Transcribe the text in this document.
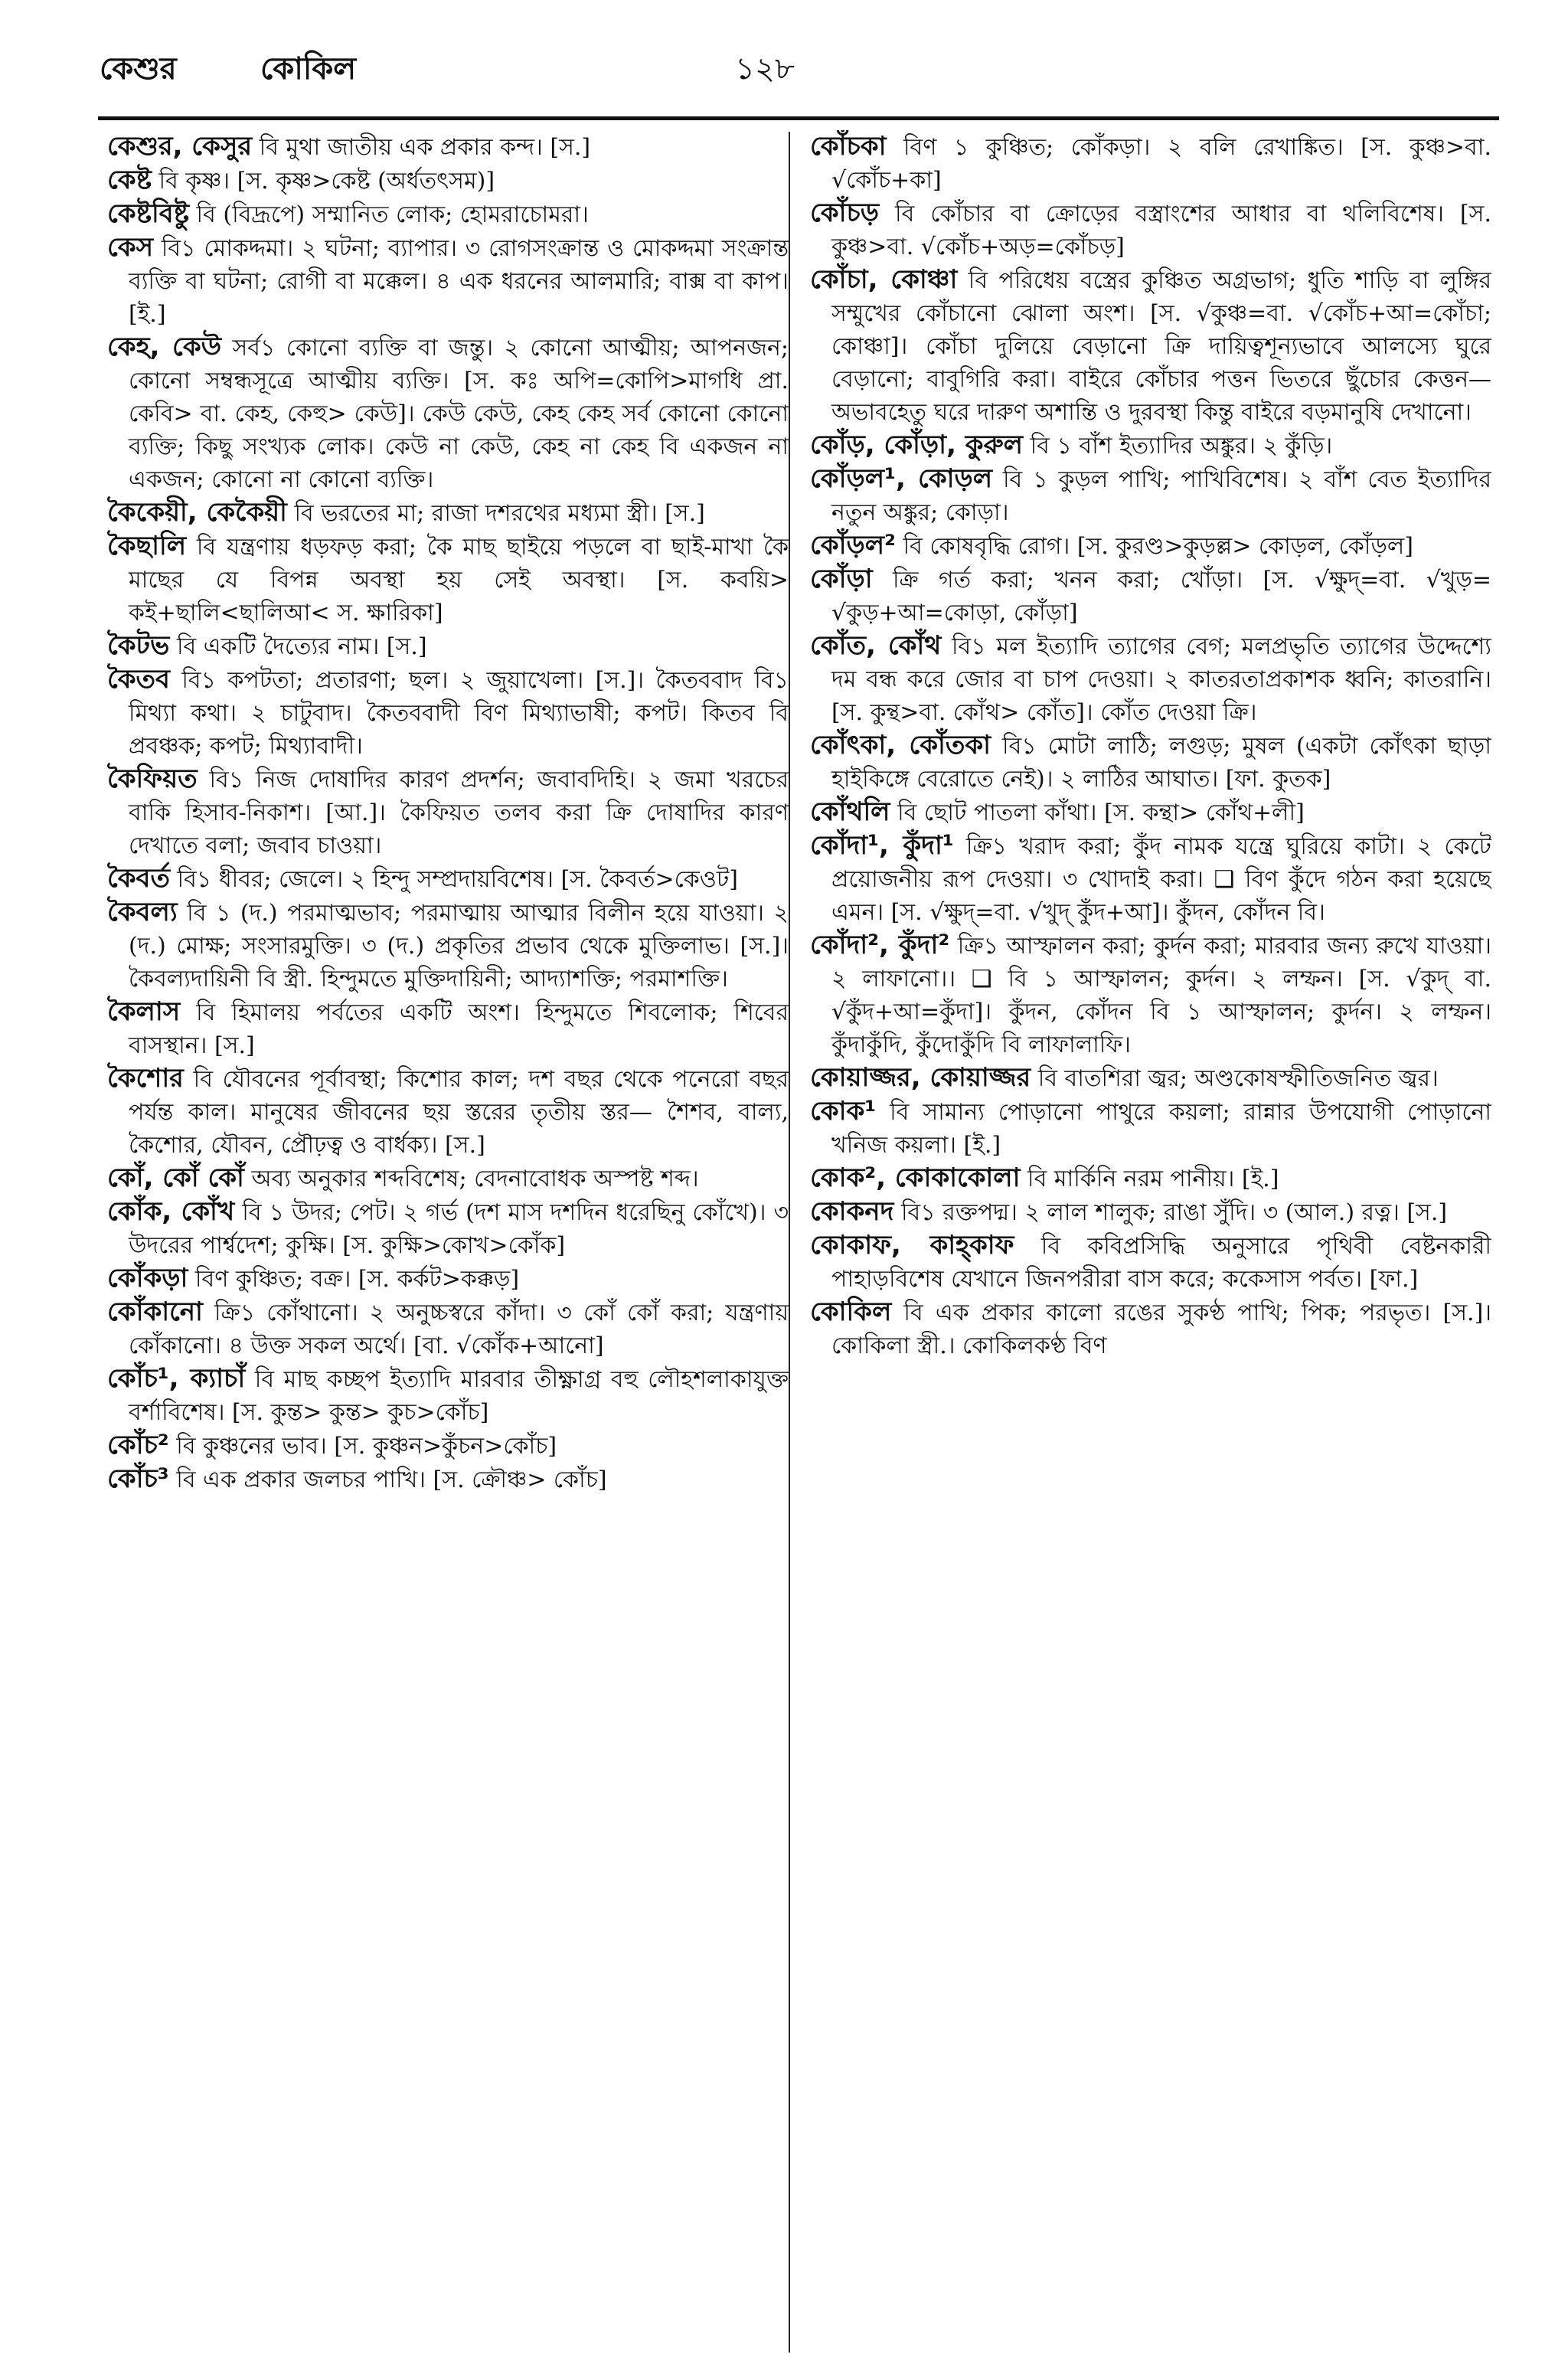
কেশুর	কোকিল	১২৮

কেশুর, কেসুর বি মুথা জাতীয় এক প্রকার কন্দ। [স.]

কেষ্ট বি কৃষ্ণ। [স. কৃষ্ণ>কেষ্ট (অর্ধতৎসম)]

কেষ্টবিষ্টু বি (বিদ্রূপে) সম্মানিত লোক; হোমরাচোমরা।

কেস বি১ মোকদ্দমা। ২ ঘটনা; ব্যাপার। ৩ রোগসংক্রান্ত ও মোকদ্দমা সংক্রান্ত ব্যক্তি বা ঘটনা; রোগী বা মক্কেল। ৪ এক ধরনের আলমারি; বাক্স বা কাপ। [ই.]

কেহ, কেউ সর্ব১ কোনো ব্যক্তি বা জন্তু। ২ কোনো আত্মীয়; আপনজন; কোনো সম্বন্ধসূত্রে আত্মীয় ব্যক্তি। [স. কঃ অপি=কোপি>মাগধি প্রা. কেবি> বা. কেহ, কেহু> কেউ]। কেউ কেউ, কেহ কেহ সর্ব কোনো কোনো ব্যক্তি; কিছু সংখ্যক লোক। কেউ না কেউ, কেহ না কেহ বি একজন না একজন; কোনো না কোনো ব্যক্তি।

কৈকেয়ী, কেকৈয়ী বি ভরতের মা; রাজা দশরথের মধ্যমা স্ত্রী। [স.]

কৈছালি বি যন্ত্রণায় ধড়ফড় করা; কৈ মাছ ছাইয়ে পড়লে বা ছাই-মাখা কৈ মাছের যে বিপন্ন অবস্থা হয় সেই অবস্থা। [স. কবয়ি> কই+ছালি<ছালিআ< স. ক্ষারিকা]

কৈটভ বি একটি দৈত্যের নাম। [স.]

কৈতব বি১ কপটতা; প্রতারণা; ছল। ২ জুয়াখেলা। [স.]। কৈতববাদ বি১ মিথ্যা কথা। ২ চাটুবাদ। কৈতববাদী বিণ মিথ্যাভাষী; কপট। কিতব বি প্রবঞ্চক; কপট; মিথ্যাবাদী।

কৈফিয়ত বি১ নিজ দোষাদির কারণ প্রদর্শন; জবাবদিহি। ২ জমা খরচের বাকি হিসাব-নিকাশ। [আ.]। কৈফিয়ত তলব করা ক্রি দোষাদির কারণ দেখাতে বলা; জবাব চাওয়া।

কৈবর্ত বি১ ধীবর; জেলে। ২ হিন্দু সম্প্রদায়বিশেষ। [স. কৈবর্ত>কেওট]

কৈবল্য বি ১ (দ.) পরমাত্মভাব; পরমাত্মায় আত্মার বিলীন হয়ে যাওয়া। ২ (দ.) মোক্ষ; সংসারমুক্তি। ৩ (দ.) প্রকৃতির প্রভাব থেকে মুক্তিলাভ। [স.]। কৈবল্যদায়িনী বি স্ত্রী. হিন্দুমতে মুক্তিদায়িনী; আদ্যাশক্তি; পরমাশক্তি।

কৈলাস বি হিমালয় পর্বতের একটি অংশ। হিন্দুমতে শিবলোক; শিবের বাসস্থান। [স.]

কৈশোর বি যৌবনের পূর্বাবস্থা; কিশোর কাল; দশ বছর থেকে পনেরো বছর পর্যন্ত কাল। মানুষের জীবনের ছয় স্তরের তৃতীয় স্তর— শৈশব, বাল্য, কৈশোর, যৌবন, প্রৌঢ়ত্ব ও বার্ধক্য। [স.]

কোঁ, কোঁ কোঁ অব্য অনুকার শব্দবিশেষ; বেদনাবোধক অস্পষ্ট শব্দ।

কোঁক, কোঁখ বি ১ উদর; পেট। ২ গর্ভ (দশ মাস দশদিন ধরেছিনু কোঁখে)। ৩ উদরের পার্শ্বদেশ; কুক্ষি। [স. কুক্ষি>কোখ>কোঁক]

কোঁকড়া বিণ কুঞ্চিত; বক্র। [স. কর্কট>কক্কড়]

কোঁকানো ক্রি১ কোঁথানো। ২ অনুচ্চস্বরে কাঁদা। ৩ কোঁ কোঁ করা; যন্ত্রণায় কোঁকানো। ৪ উক্ত সকল অর্থে। [বা. √কোঁক+আনো]

কোঁচ¹, ক্যাচাঁ বি মাছ কচ্ছপ ইত্যাদি মারবার তীক্ষ্ণাগ্র বহু লৌহশলাকাযুক্ত বর্শাবিশেষ। [স. কুন্ত> কুন্ত> কুচ>কোঁচ]

কোঁচ² বি কুঞ্চনের ভাব। [স. কুঞ্চন>কুঁচন>কোঁচ]

কোঁচ³ বি এক প্রকার জলচর পাখি। [স. ক্রৌঞ্চ> কোঁচ]

কোঁচকা বিণ ১ কুঞ্চিত; কোঁকড়া। ২ বলি রেখাঙ্কিত। [স. কুঞ্চ>বা. √কোঁচ+কা]

কোঁচড় বি কোঁচার বা ক্রোড়ের বস্ত্রাংশের আধার বা থলিবিশেষ। [স. কুঞ্চ>বা. √কোঁচ+অড়=কোঁচড়]

কোঁচা, কোঞ্চা বি পরিধেয় বস্ত্রের কুঞ্চিত অগ্রভাগ; ধুতি শাড়ি বা লুঙ্গির সম্মুখের কোঁচানো ঝোলা অংশ। [স. √কুঞ্চ=বা. √কোঁচ+আ=কোঁচা; কোঞ্চা]। কোঁচা দুলিয়ে বেড়ানো ক্রি দায়িত্বশূন্যভাবে আলস্যে ঘুরে বেড়ানো; বাবুগিরি করা। বাইরে কোঁচার পত্তন ভিতরে ছুঁচোর কেত্তন—অভাবহেতু ঘরে দারুণ অশান্তি ও দুরবস্থা কিন্তু বাইরে বড়মানুষি দেখানো।

কোঁড়, কোঁড়া, কুরুল বি ১ বাঁশ ইত্যাদির অঙ্কুর। ২ কুঁড়ি।

কোঁড়ল¹, কোড়ল বি ১ কুড়ল পাখি; পাখিবিশেষ। ২ বাঁশ বেত ইত্যাদির নতুন অঙ্কুর; কোড়া।

কোঁড়ল² বি কোষবৃদ্ধি রোগ। [স. কুরণ্ড>কুড়ল্ল> কোড়ল, কোঁড়ল]

কোঁড়া ক্রি গর্ত করা; খনন করা; খোঁড়া। [স. √ক্ষুদ্=বা. √খুড়= √কুড়+আ=কোড়া, কোঁড়া]

কোঁত, কোঁথ বি১ মল ইত্যাদি ত্যাগের বেগ; মলপ্রভৃতি ত্যাগের উদ্দেশ্যে দম বন্ধ করে জোর বা চাপ দেওয়া। ২ কাতরতাপ্রকাশক ধ্বনি; কাতরানি। [স. কুন্থ>বা. কোঁথ> কোঁত]। কোঁত দেওয়া ক্রি।

কোঁৎকা, কোঁতকা বি১ মোটা লাঠি; লগুড়; মুষল (একটা কোঁৎকা ছাড়া হাইকিঙ্গে বেরোতে নেই)। ২ লাঠির আঘাত। [ফা. কুতক]

কোঁথলি বি ছোট পাতলা কাঁথা। [স. কন্থা> কোঁথ+লী]

কোঁদা¹, কুঁদা¹ ক্রি১ খরাদ করা; কুঁদ নামক যন্ত্রে ঘুরিয়ে কাটা। ২ কেটে প্রয়োজনীয় রূপ দেওয়া। ৩ খোদাই করা। ❑ বিণ কুঁদে গঠন করা হয়েছে এমন। [স. √ক্ষুদ্=বা. √খুদ্ কুঁদ+আ]। কুঁদন, কোঁদন বি।

কোঁদা², কুঁদা² ক্রি১ আস্ফালন করা; কুর্দন করা; মারবার জন্য রুখে যাওয়া। ২ লাফানো।। ❑ বি ১ আস্ফালন; কুর্দন। ২ লম্ফন। [স. √কুদ্ বা. √কুঁদ+আ=কুঁদা]। কুঁদন, কোঁদন বি ১ আস্ফালন; কুর্দন। ২ লম্ফন। কুঁদাকুঁদি, কুঁদোকুঁদি বি লাফালাফি।

কোয়াজ্জর, কোয়াজ্জর বি বাতশিরা জ্বর; অণ্ডকোষস্ফীতিজনিত জ্বর।

কোক¹ বি সামান্য পোড়ানো পাথুরে কয়লা; রান্নার উপযোগী পোড়ানো খনিজ কয়লা। [ই.]

কোক², কোকাকোলা বি মার্কিনি নরম পানীয়। [ই.]

কোকনদ বি১ রক্তপদ্ম। ২ লাল শালুক; রাঙা সুঁদি। ৩ (আল.) রত্ন। [স.]

কোকাফ, কাহ্‌কাফ বি কবিপ্রসিদ্ধি অনুসারে পৃথিবী বেষ্টনকারী পাহাড়বিশেষ যেখানে জিনপরীরা বাস করে; ককেসাস পর্বত। [ফা.]

কোকিল বি এক প্রকার কালো রঙের সুকণ্ঠ পাখি; পিক; পরভৃত। [স.]। কোকিলা স্ত্রী.। কোকিলকণ্ঠ বিণ
